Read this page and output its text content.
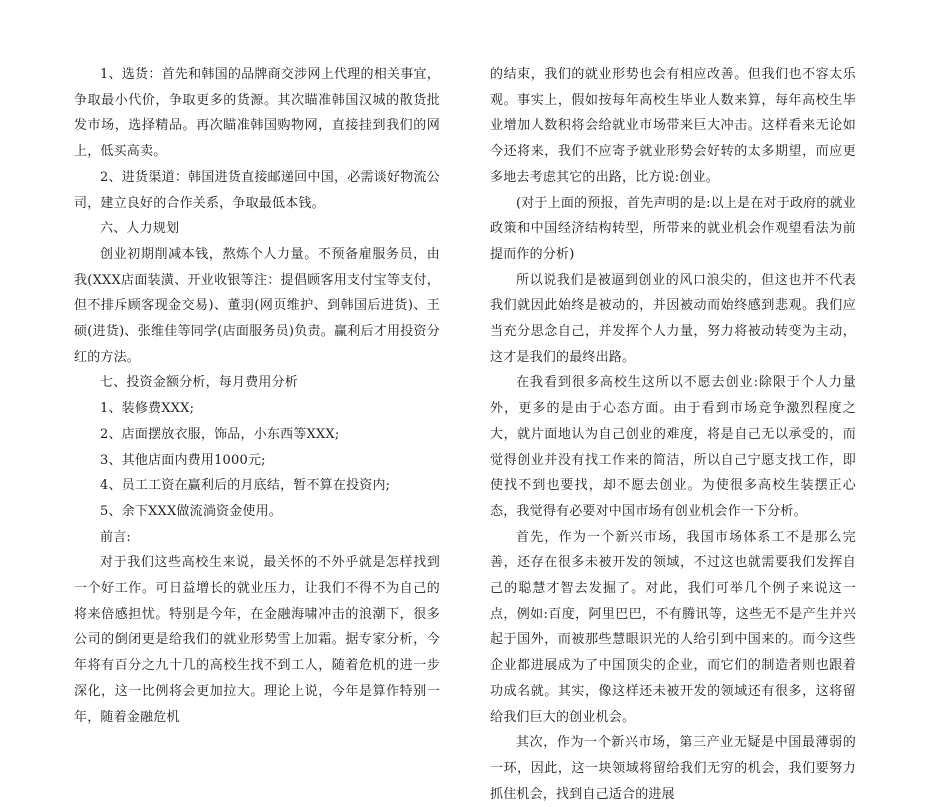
1、选货：首先和韩国的品牌商交涉网上代理的相关事宜，争取最小代价，争取更多的货源。其次瞄准韩国汉城的散货批发市场，选择精品。再次瞄准韩国购物网，直接挂到我们的网上，低买高卖。

2、进货渠道：韩国进货直接邮递回中国，必需谈好物流公司，建立良好的合作关系，争取最低本钱。

六、人力规划

创业初期削减本钱，熬炼个人力量。不预备雇服务员，由我(XXX店面装潢、开业收银等注：提倡顾客用支付宝等支付，但不排斥顾客现金交易)、董羽(网页维护、到韩国后进货)、王硕(进货)、张维佳等同学(店面服务员)负责。赢利后才用投资分红的方法。

七、投资金额分析，每月费用分析

1、装修费XXX;

2、店面摆放衣服，饰品，小东西等XXX;

3、其他店面内费用1000元;

4、员工工资在赢利后的月底结，暂不算在投资内;

5、余下XXX做流淌资金使用。

前言:

对于我们这些高校生来说，最关怀的不外乎就是怎样找到一个好工作。可日益增长的就业压力，让我们不得不为自己的将来倍感担忧。特别是今年，在金融海啸冲击的浪潮下，很多公司的倒闭更是给我们的就业形势雪上加霜。据专家分析，今年将有百分之九十几的高校生找不到工人，随着危机的进一步深化，这一比例将会更加拉大。理论上说，今年是算作特别一年，随着金融危机

的结束，我们的就业形势也会有相应改善。但我们也不容太乐观。事实上，假如按每年高校生毕业人数来算，每年高校生毕业增加人数积将会给就业市场带来巨大冲击。这样看来无论如今还将来，我们不应寄予就业形势会好转的太多期望，而应更多地去考虑其它的出路，比方说:创业。

(对于上面的预报，首先声明的是:以上是在对于政府的就业政策和中国经济结构转型，所带来的就业机会作观望看法为前提而作的分析)

所以说我们是被逼到创业的风口浪尖的，但这也并不代表我们就因此始终是被动的，并因被动而始终感到悲观。我们应当充分思念自己，并发挥个人力量，努力将被动转变为主动，这才是我们的最终出路。

在我看到很多高校生这所以不愿去创业:除限于个人力量外，更多的是由于心态方面。由于看到市场竞争激烈程度之大，就片面地认为自己创业的难度，将是自己无以承受的，而觉得创业并没有找工作来的简洁，所以自己宁愿支找工作，即使找不到也要找，却不愿去创业。为使很多高校生装摆正心态，我觉得有必要对中国市场有创业机会作一下分析。

首先，作为一个新兴市场，我国市场体系工不是那么完善，还存在很多未被开发的领域，不过这也就需要我们发挥自己的聪慧才智去发掘了。对此，我们可举几个例子来说这一点，例如:百度，阿里巴巴，不有腾讯等，这些无不是产生并兴起于国外，而被那些慧眼识光的人给引到中国来的。而今这些企业都进展成为了中国顶尖的企业，而它们的制造者则也跟着功成名就。其实，像这样还未被开发的领域还有很多，这将留给我们巨大的创业机会。

其次，作为一个新兴市场，第三产业无疑是中国最薄弱的一环，因此，这一块领域将留给我们无穷的机会，我们要努力抓住机会，找到自己适合的进展
